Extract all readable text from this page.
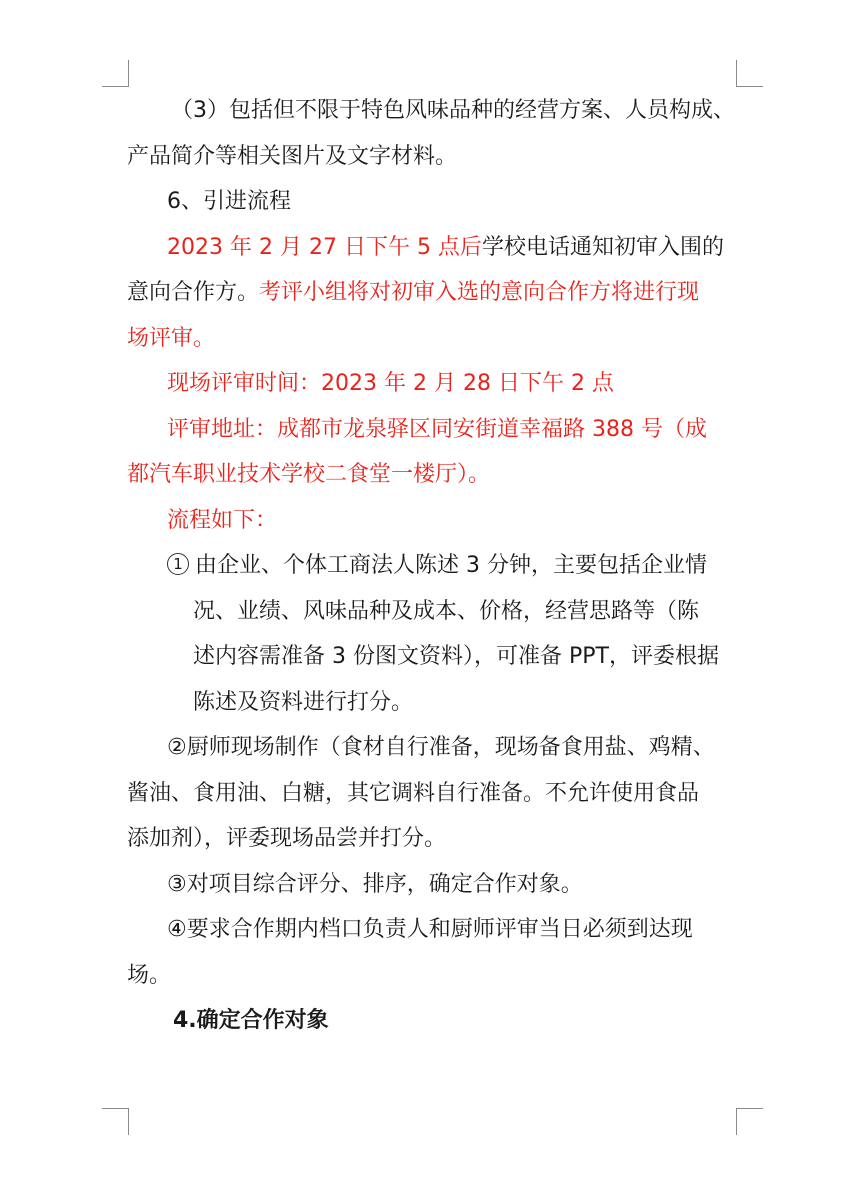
（3）包括但不限于特色风味品种的经营方案、人员构成、
产品简介等相关图片及文字材料。
6、引进流程
2023 年 2 月 27 日下午 5 点后学校电话通知初审入围的
意向合作方。考评小组将对初审入选的意向合作方将进行现
场评审。
现场评审时间：2023 年 2 月 28 日下午 2 点
评审地址：成都市龙泉驿区同安街道幸福路 388 号（成
都汽车职业技术学校二食堂一楼厅）。
流程如下：
1 由企业、个体工商法人陈述 3 分钟，主要包括企业情
况、业绩、风味品种及成本、价格，经营思路等（陈
述内容需准备 3 份图文资料），可准备 PPT，评委根据
陈述及资料进行打分。
②厨师现场制作（食材自行准备，现场备食用盐、鸡精、
酱油、食用油、白糖，其它调料自行准备。不允许使用食品
添加剂），评委现场品尝并打分。
③对项目综合评分、排序，确定合作对象。
④要求合作期内档口负责人和厨师评审当日必须到达现
场。
4.确定合作对象
